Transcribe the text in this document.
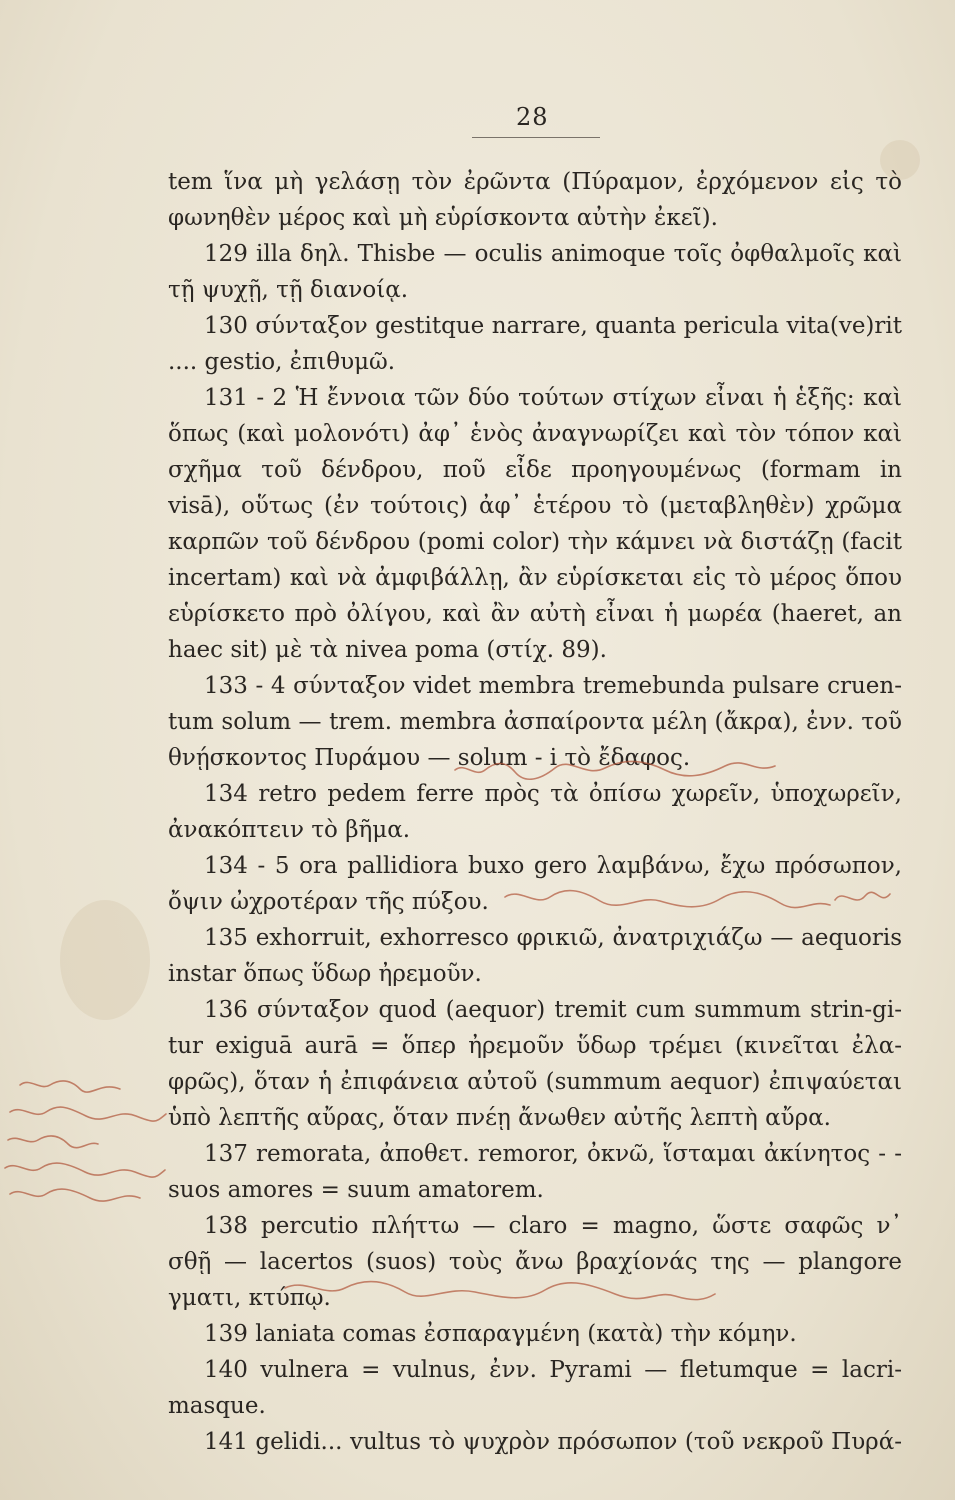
28
tem ἵνα μὴ γελάσῃ τὸν ἐρῶντα (Πύραμον, ἐρχόμενον εἰς τὸ
φωνηθὲν μέρος καὶ μὴ εὑρίσκοντα αὐτὴν ἐκεῖ).
129 illa δηλ. Thisbe — oculis animoque τοῖς ὀφθαλμοῖς καὶ
τῇ ψυχῇ, τῇ διανοίᾳ.
130 σύνταξον gestitque narrare, quanta pericula vita(ve)rit
.... gestio, ἐπιθυμῶ.
131 - 2 Ἡ ἔννοια τῶν δύο τούτων στίχων εἶναι ἡ ἑξῆς: καὶ
ὅπως (καὶ μολονότι) ἀφ᾽ ἑνὸς ἀναγνωρίζει καὶ τὸν τόπον καὶ
σχῆμα τοῦ δένδρου, ποῦ εἶδε προηγουμένως (formam in
visā), οὕτως (ἐν τούτοις) ἀφ᾽ ἑτέρου τὸ (μεταβληθὲν) χρῶμα
καρπῶν τοῦ δένδρου (pomi color) τὴν κάμνει νὰ διστάζῃ (facit
incertam) καὶ νὰ ἀμφιβάλλῃ, ἂν εὑρίσκεται εἰς τὸ μέρος ὅπου
εὑρίσκετο πρὸ ὀλίγου, καὶ ἂν αὐτὴ εἶναι ἡ μωρέα (haeret, an
haec sit) μὲ τὰ nivea poma (στίχ. 89).
133 - 4 σύνταξον videt membra tremebunda pulsare cruen-
tum solum — trem. membra ἀσπαίροντα μέλη (ἄκρα), ἐνν. τοῦ
θνῄσκοντος Πυράμου — solum - i τὸ ἔδαφος.
134 retro pedem ferre πρὸς τὰ ὀπίσω χωρεῖν, ὑποχωρεῖν,
ἀνακόπτειν τὸ βῆμα.
134 - 5 ora pallidiora buxo gero λαμβάνω, ἔχω πρόσωπον,
ὄψιν ὠχροτέραν τῆς πύξου.
135 exhorruit, exhorresco φρικιῶ, ἀνατριχιάζω — aequoris
instar ὅπως ὕδωρ ἠρεμοῦν.
136 σύνταξον quod (aequor) tremit cum summum strin-gi-
tur exiguā aurā = ὅπερ ἠρεμοῦν ὕδωρ τρέμει (κινεῖται ἐλα-
φρῶς), ὅταν ἡ ἐπιφάνεια αὐτοῦ (summum aequor) ἐπιψαύεται
ὑπὸ λεπτῆς αὔρας, ὅταν πνέῃ ἄνωθεν αὐτῆς λεπτὴ αὔρα.
137 remorata, ἀποθετ. remoror, ὀκνῶ, ἵσταμαι ἀκίνητος - -
suos amores = suum amatorem.
138 percutio πλήττω — claro = magno, ὥστε σαφῶς ν᾽
σθῇ — lacertos (suos) τοὺς ἄνω βραχίονάς της — plangore
γματι, κτύπῳ.
139 laniata comas ἐσπαραγμένη (κατὰ) τὴν κόμην.
140 vulnera = vulnus, ἐνν. Pyrami — fletumque = lacri-
masque.
141 gelidi... vultus τὸ ψυχρὸν πρόσωπον (τοῦ νεκροῦ Πυρά-
